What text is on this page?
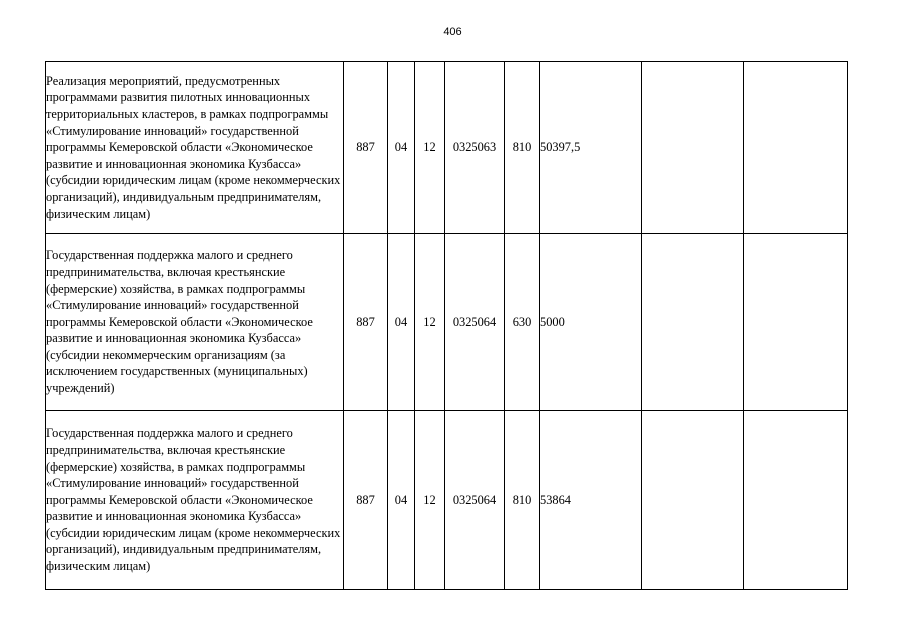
406
Реализация мероприятий, предусмотренных программами развития пилотных инновационных территориальных кластеров, в рамках подпрограммы «Стимулирование инноваций» государственной программы Кемеровской области «Экономическое развитие и инновационная экономика Кузбасса» (субсидии юридическим лицам (кроме некоммерческих организаций), индивидуальным предпринимателям, физическим лицам)	887	04	12	0325063	810	50397,5		
Государственная поддержка малого и среднего предпринимательства, включая крестьянские (фермерские) хозяйства, в рамках подпрограммы «Стимулирование инноваций» государственной программы Кемеровской области «Экономическое развитие и инновационная экономика Кузбасса» (субсидии некоммерческим организациям (за исключением государственных (муниципальных) учреждений)	887	04	12	0325064	630	5000		
Государственная поддержка малого и среднего предпринимательства, включая крестьянские (фермерские) хозяйства, в рамках подпрограммы «Стимулирование инноваций» государственной программы Кемеровской области «Экономическое развитие и инновационная экономика Кузбасса» (субсидии юридическим лицам (кроме некоммерческих организаций), индивидуальным предпринимателям, физическим лицам)	887	04	12	0325064	810	53864		
